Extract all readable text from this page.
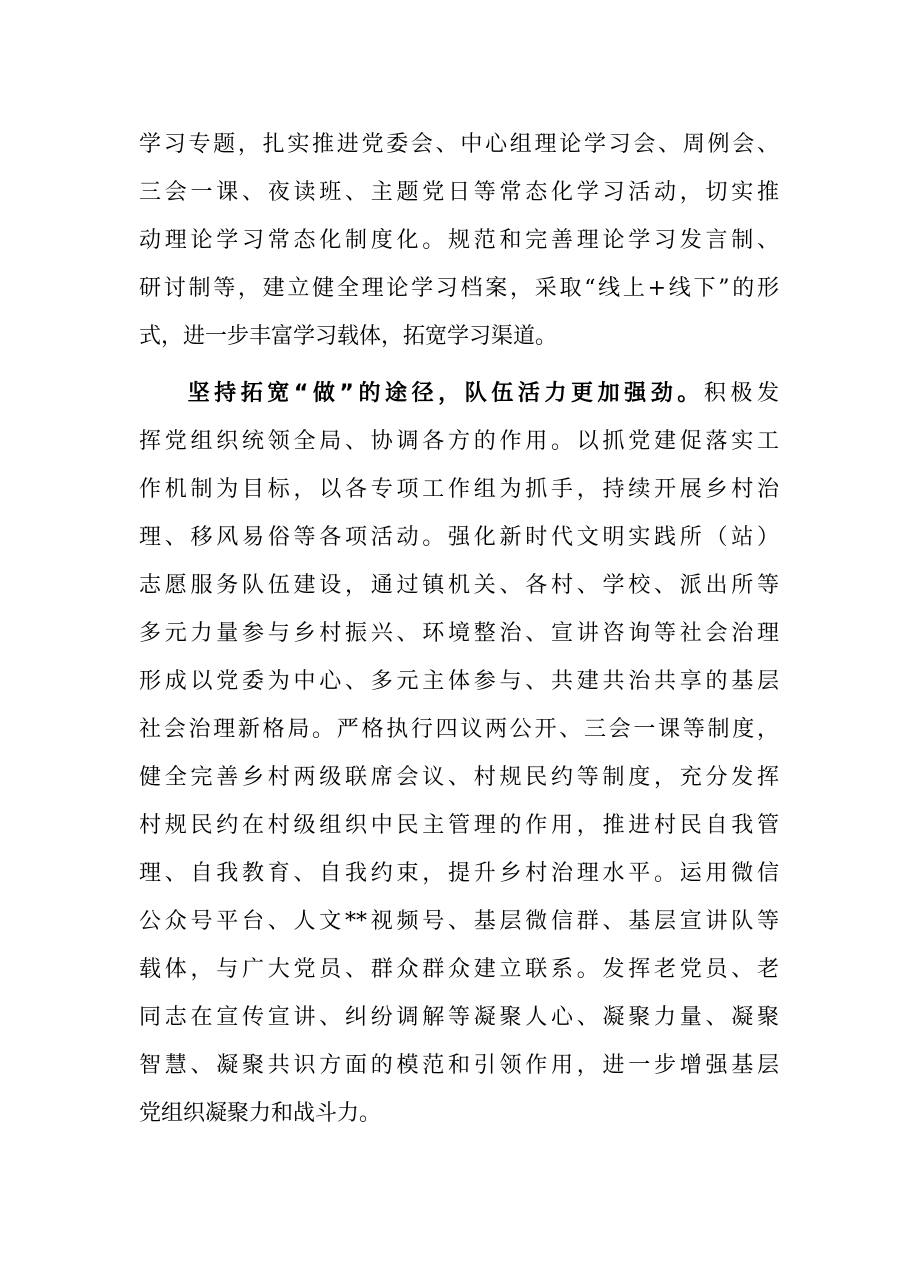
学习专题，扎实推进党委会、中心组理论学习会、周例会、
三会一课、夜读班、主题党日等常态化学习活动，切实推
动理论学习常态化制度化。规范和完善理论学习发言制、
研讨制等，建立健全理论学习档案，采取“线上+线下”的形
式，进一步丰富学习载体，拓宽学习渠道。
坚持拓宽“做”的途径，队伍活力更加强劲。积极发
挥党组织统领全局、协调各方的作用。以抓党建促落实工
作机制为目标，以各专项工作组为抓手，持续开展乡村治
理、移风易俗等各项活动。强化新时代文明实践所（站）
志愿服务队伍建设，通过镇机关、各村、学校、派出所等
多元力量参与乡村振兴、环境整治、宣讲咨询等社会治理
形成以党委为中心、多元主体参与、共建共治共享的基层
社会治理新格局。严格执行四议两公开、三会一课等制度，
健全完善乡村两级联席会议、村规民约等制度，充分发挥
村规民约在村级组织中民主管理的作用，推进村民自我管
理、自我教育、自我约束，提升乡村治理水平。运用微信
公众号平台、人文**视频号、基层微信群、基层宣讲队等
载体，与广大党员、群众群众建立联系。发挥老党员、老
同志在宣传宣讲、纠纷调解等凝聚人心、凝聚力量、凝聚
智慧、凝聚共识方面的模范和引领作用，进一步增强基层
党组织凝聚力和战斗力。
